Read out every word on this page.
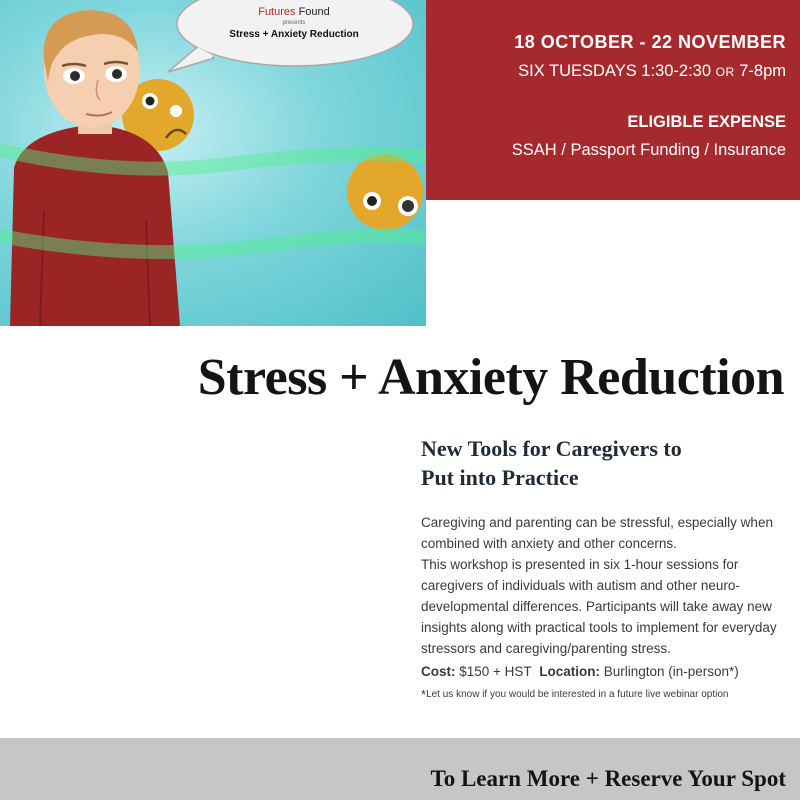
Futures Found
presents
Stress + Anxiety Reduction	18 OCTOBER - 22 NOVEMBER
SIX TUESDAYS 1:30-2:30 OR 7-8pm
ELIGIBLE EXPENSE
SSAH / Passport Funding / Insurance
Stress + Anxiety Reduction
New Tools for Caregivers to
Put into Practice

Caregiving and parenting can be stressful, especially when combined with anxiety and other concerns.

This workshop is presented in six 1-hour sessions for caregivers of individuals with autism and other neuro-developmental differences. Participants will take away new insights along with practical tools to implement for everyday stressors and caregiving/parenting stress.

Cost: $150 + HST Location: Burlington (in-person*)
*Let us know if you would be interested in a future live webinar option
To Learn More + Reserve Your Spot
